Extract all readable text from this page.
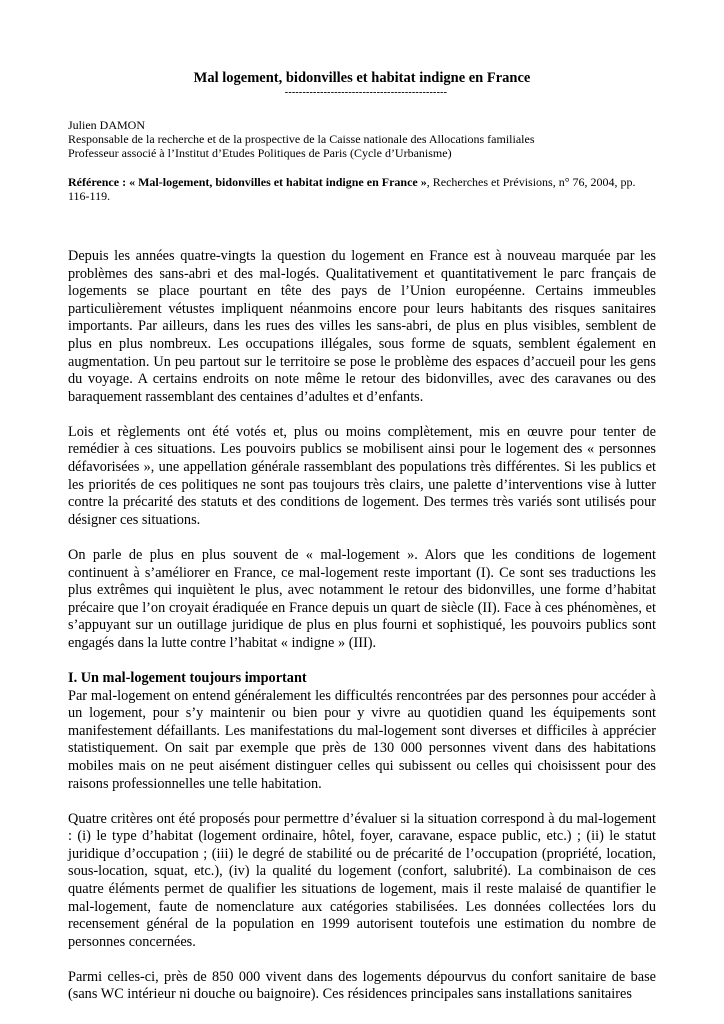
Mal logement, bidonvilles et habitat indigne en France
----------------------------------------------
Julien DAMON
Responsable de la recherche et de la prospective de la Caisse nationale des Allocations familiales
Professeur associé à l’Institut d’Etudes Politiques de Paris (Cycle d’Urbanisme)
Référence : « Mal-logement, bidonvilles et habitat indigne en France », Recherches et Prévisions, n° 76, 2004, pp. 116-119.

Depuis les années quatre-vingts la question du logement en France est à nouveau marquée par les problèmes des sans-abri et des mal-logés. Qualitativement et quantitativement le parc français de logements se place pourtant en tête des pays de l’Union européenne. Certains immeubles particulièrement vétustes impliquent néanmoins encore pour leurs habitants des risques sanitaires importants. Par ailleurs, dans les rues des villes les sans-abri, de plus en plus visibles, semblent de plus en plus nombreux. Les occupations illégales, sous forme de squats, semblent également en augmentation. Un peu partout sur le territoire se pose le problème des espaces d’accueil pour les gens du voyage. A certains endroits on note même le retour des bidonvilles, avec des caravanes ou des baraquement rassemblant des centaines d’adultes et d’enfants.

Lois et règlements ont été votés et, plus ou moins complètement, mis en œuvre pour tenter de remédier à ces situations. Les pouvoirs publics se mobilisent ainsi pour le logement des « personnes défavorisées », une appellation générale rassemblant des populations très différentes. Si les publics et les priorités de ces politiques ne sont pas toujours très clairs, une palette d’interventions vise à lutter contre la précarité des statuts et des conditions de logement. Des termes très variés sont utilisés pour désigner ces situations.

On parle de plus en plus souvent de « mal-logement ». Alors que les conditions de logement continuent à s’améliorer en France, ce mal-logement reste important (I). Ce sont ses traductions les plus extrêmes qui inquiètent le plus, avec notamment le retour des bidonvilles, une forme d’habitat précaire que l’on croyait éradiquée en France depuis un quart de siècle (II). Face à ces phénomènes, et s’appuyant sur un outillage juridique de plus en plus fourni et sophistiqué, les pouvoirs publics sont engagés dans la lutte contre l’habitat « indigne » (III).

I. Un mal-logement toujours important

Par mal-logement on entend généralement les difficultés rencontrées par des personnes pour accéder à un logement, pour s’y maintenir ou bien pour y vivre au quotidien quand les équipements sont manifestement défaillants. Les manifestations du mal-logement sont diverses et difficiles à apprécier statistiquement. On sait par exemple que près de 130 000 personnes vivent dans des habitations mobiles mais on ne peut aisément distinguer celles qui subissent ou celles qui choisissent pour des raisons professionnelles une telle habitation.

Quatre critères ont été proposés pour permettre d’évaluer si la situation correspond à du mal-logement : (i) le type d’habitat (logement ordinaire, hôtel, foyer, caravane, espace public, etc.) ; (ii) le statut juridique d’occupation ; (iii) le degré de stabilité ou de précarité de l’occupation (propriété, location, sous-location, squat, etc.), (iv) la qualité du logement (confort, salubrité). La combinaison de ces quatre éléments permet de qualifier les situations de logement, mais il reste malaisé de quantifier le mal-logement, faute de nomenclature aux catégories stabilisées. Les données collectées lors du recensement général de la population en 1999 autorisent toutefois une estimation du nombre de personnes concernées.

Parmi celles-ci, près de 850 000 vivent dans des logements dépourvus du confort sanitaire de base (sans WC intérieur ni douche ou baignoire). Ces résidences principales sans installations sanitaires
